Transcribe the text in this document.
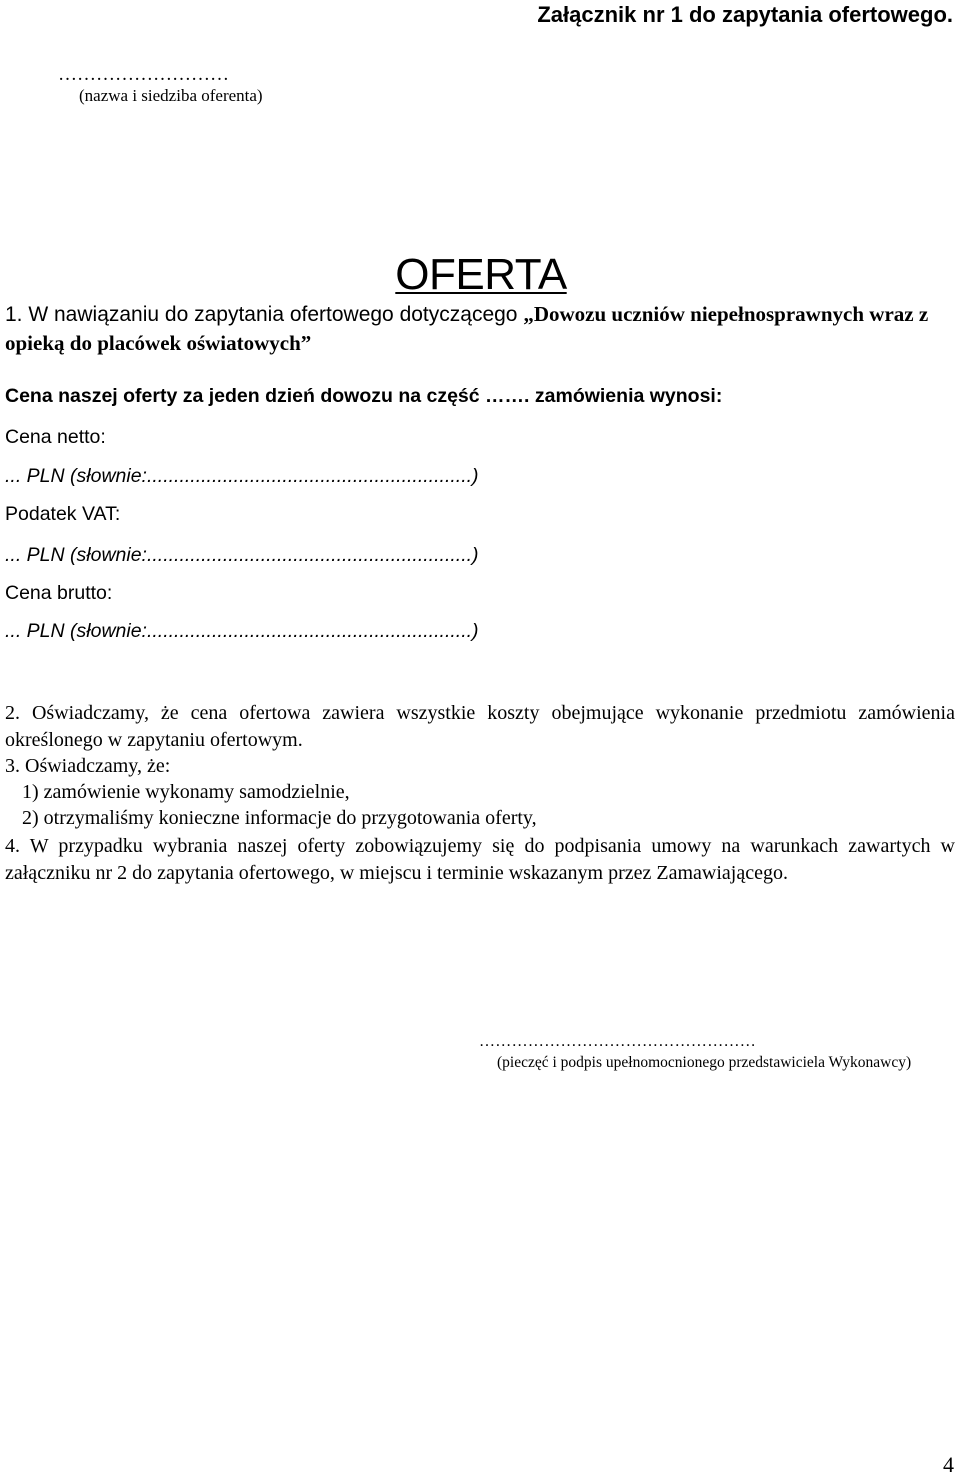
Załącznik nr 1 do zapytania ofertowego.
………………………
(nazwa i siedziba oferenta)
OFERTA
1. W nawiązaniu do zapytania ofertowego dotyczącego „Dowozu uczniów niepełnosprawnych wraz z opieką do placówek oświatowych”
Cena naszej oferty za jeden dzień dowozu na część ……. zamówienia wynosi:
Cena netto:
... PLN (słownie:............................................................)
Podatek VAT:
... PLN (słownie:............................................................)
Cena brutto:
... PLN (słownie:............................................................)
2. Oświadczamy, że cena ofertowa zawiera wszystkie koszty obejmujące wykonanie przedmiotu zamówienia określonego w zapytaniu ofertowym.
3. Oświadczamy, że:
1) zamówienie wykonamy samodzielnie,
2) otrzymaliśmy konieczne informacje do przygotowania oferty,
4. W przypadku wybrania naszej oferty zobowiązujemy się do podpisania umowy na warunkach zawartych w załączniku nr 2 do zapytania ofertowego, w miejscu i terminie wskazanym przez Zamawiającego.
……………………………………………
(pieczęć i podpis upełnomocnionego przedstawiciela Wykonawcy)
4
